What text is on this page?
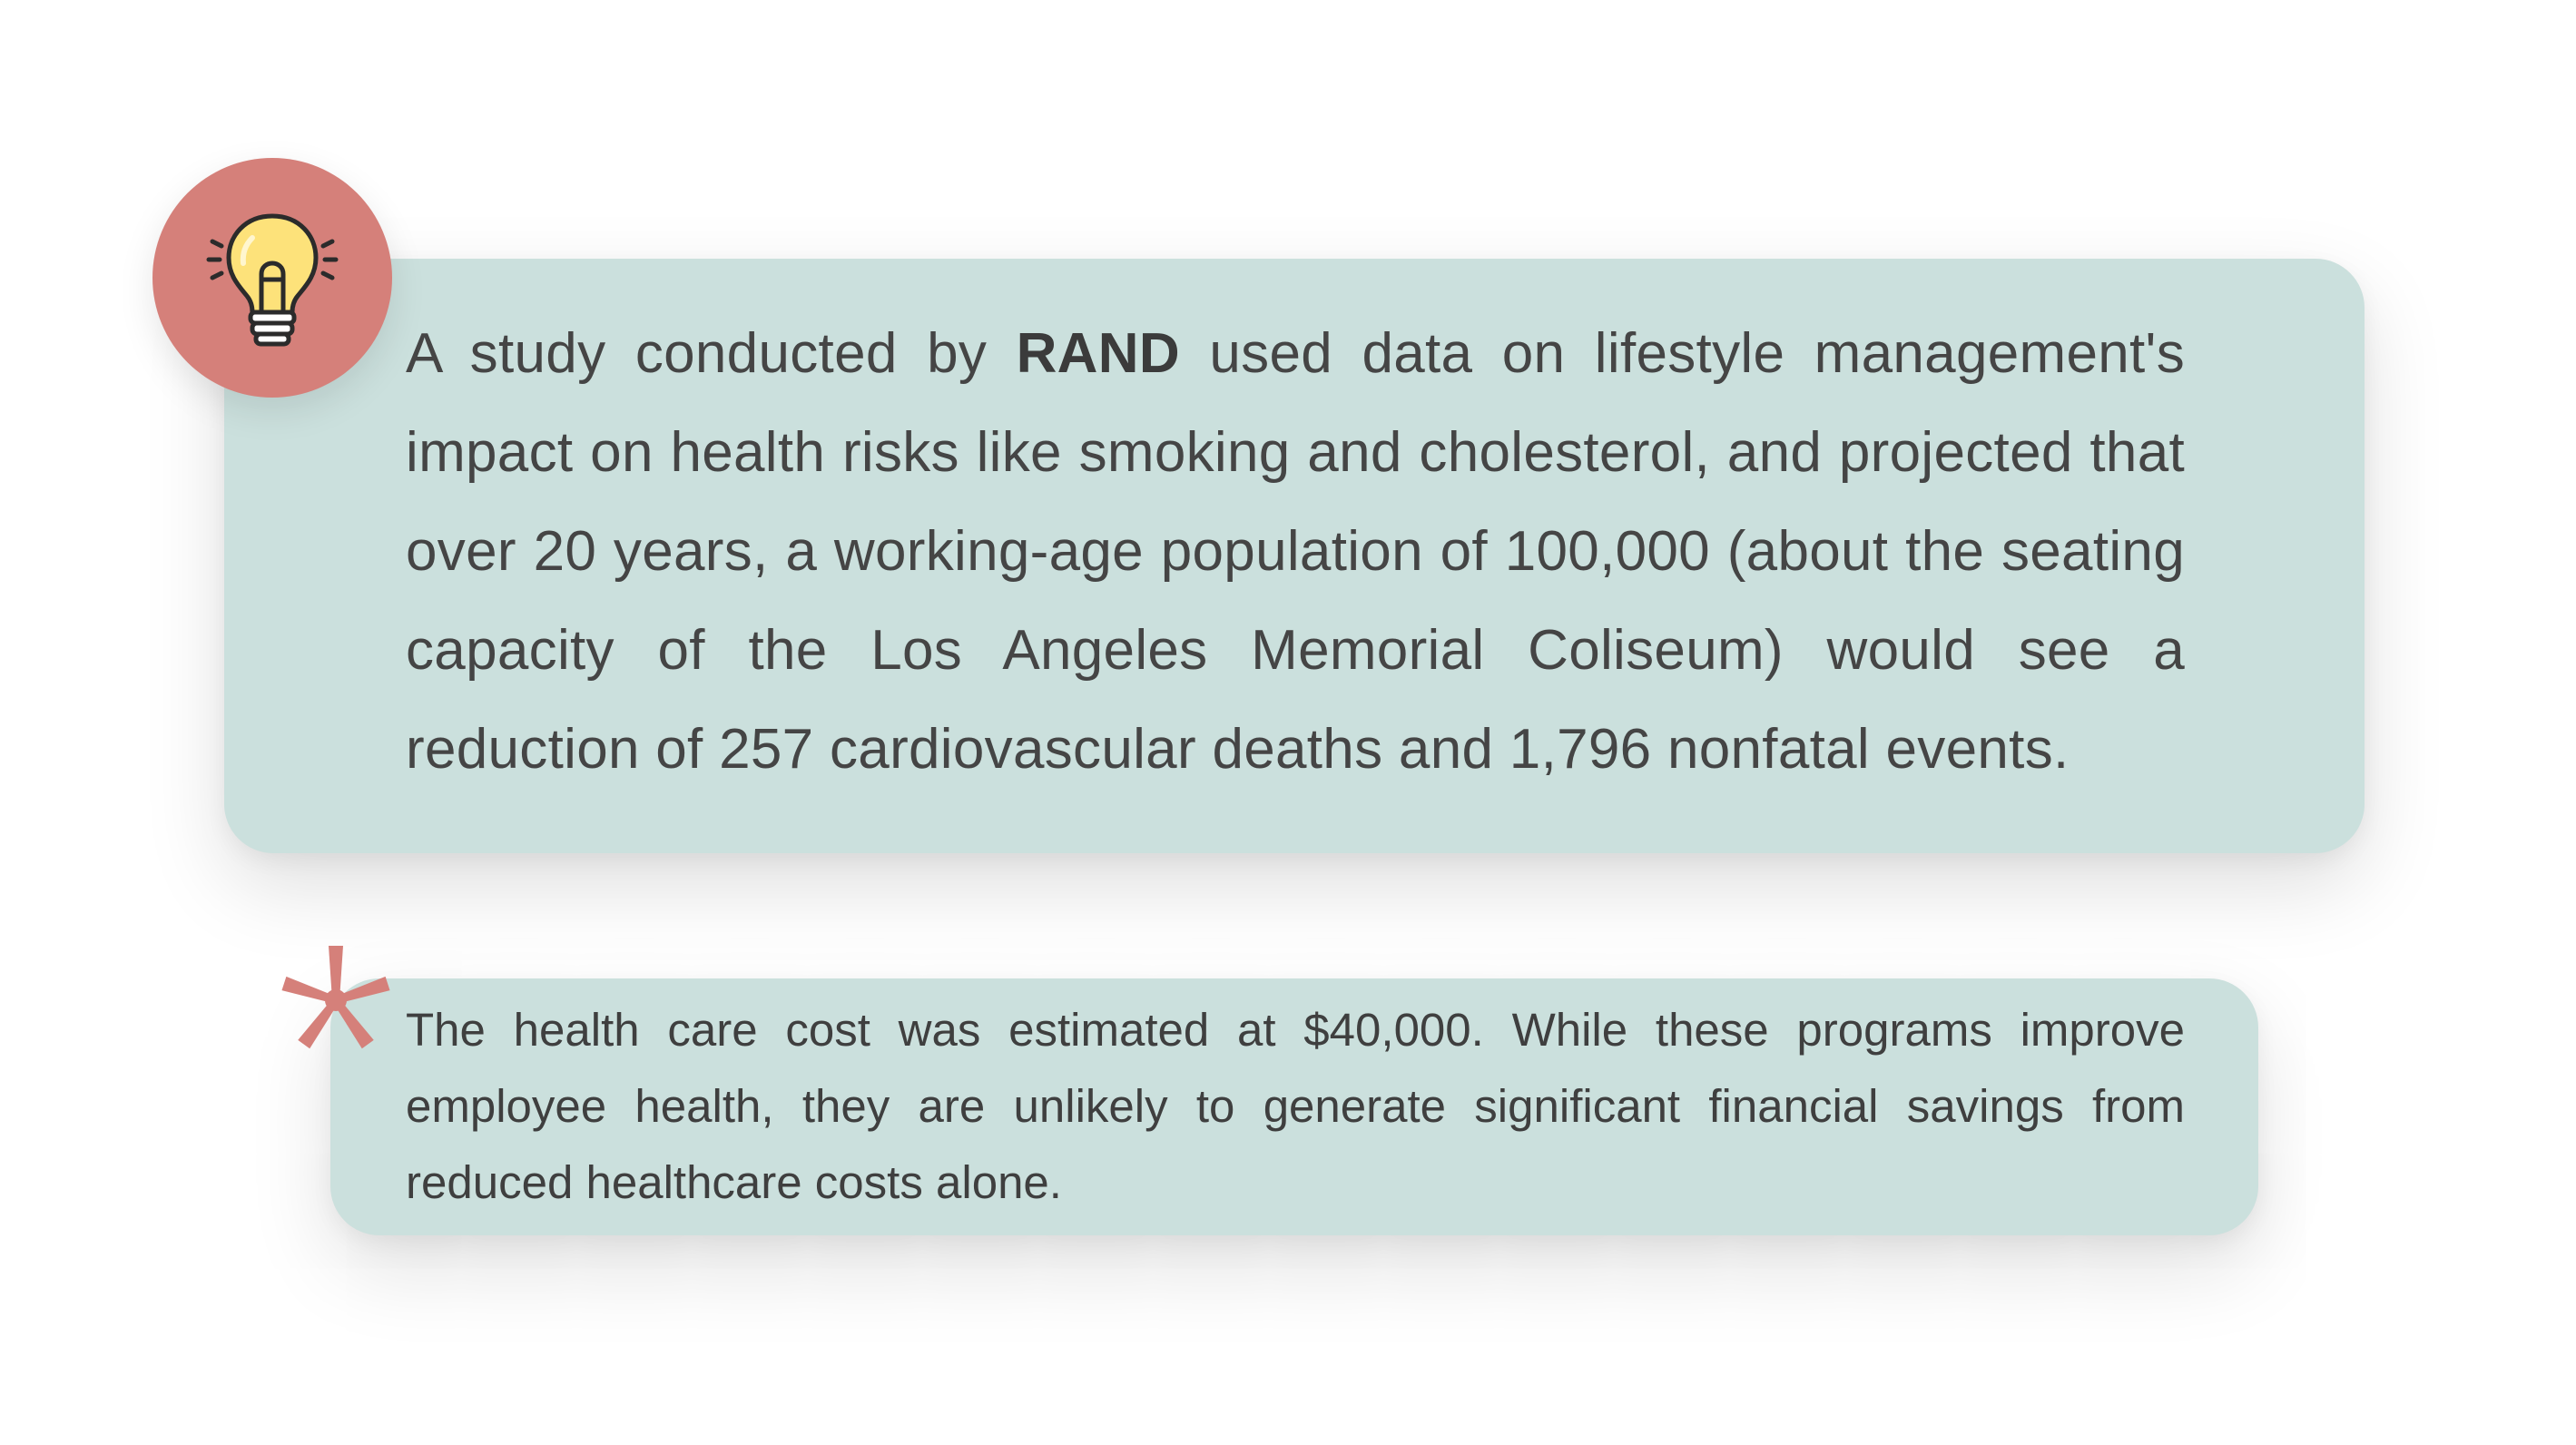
A study conducted by RAND used data on lifestyle management's impact on health risks like smoking and cholesterol, and projected that over 20 years, a working-age population of 100,000 (about the seating capacity of the Los Angeles Memorial Coliseum) would see a reduction of 257 cardiovascular deaths and 1,796 nonfatal events.

The health care cost was estimated at $40,000. While these programs improve employee health, they are unlikely to generate significant financial savings from reduced healthcare costs alone.
